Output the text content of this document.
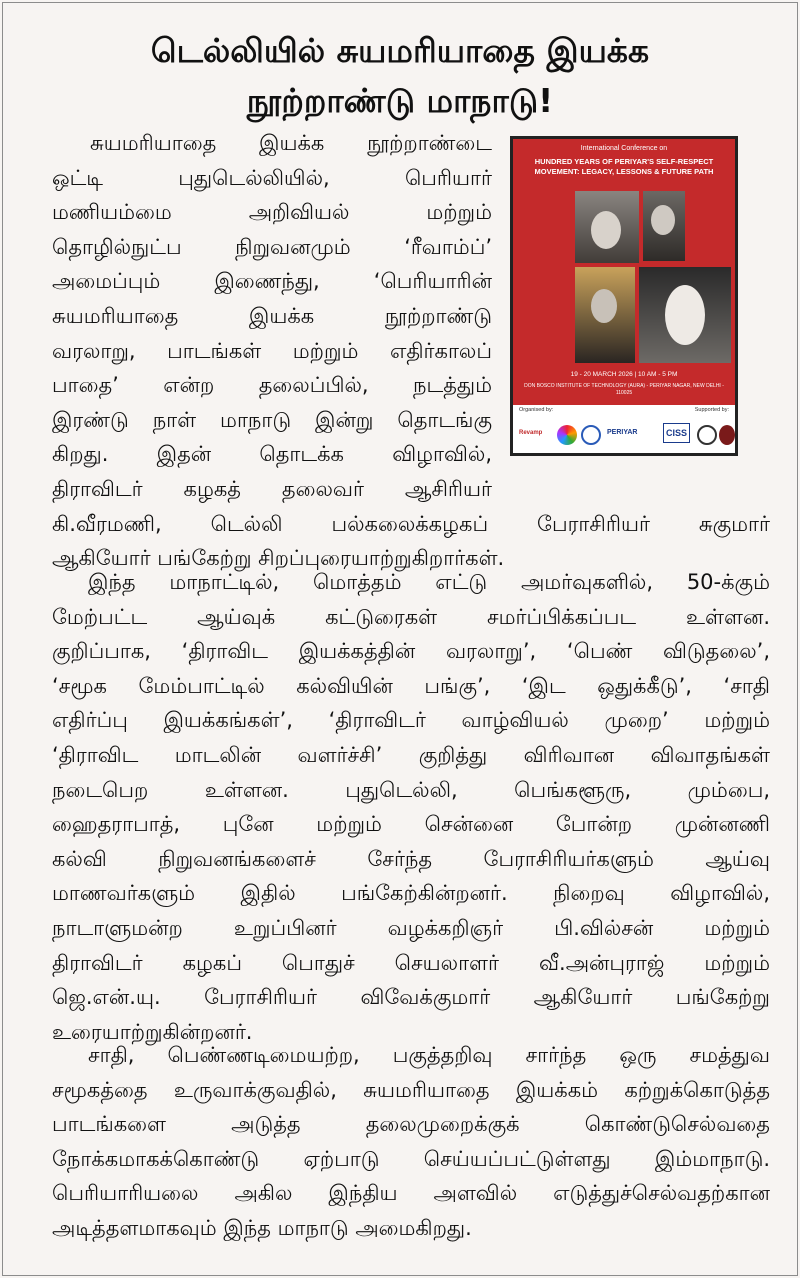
டெல்லியில் சுயமரியாதை இயக்க
நூற்றாண்டு மாநாடு!
சுயமரியாதை இயக்க நூற்றாண்டை
ஒட்டி புதுடெல்லியில், பெரியார்
மணியம்மை அறிவியல் மற்றும்
தொழில்நுட்ப நிறுவனமும் ‘ரீவாம்ப்’
அமைப்பும் இணைந்து, ‘பெரியாரின்
சுயமரியாதை இயக்க நூற்றாண்டு
வரலாறு, பாடங்கள் மற்றும் எதிர்காலப்
பாதை’ என்ற தலைப்பில், நடத்தும்
இரண்டு நாள் மாநாடு இன்று தொடங்கு
கிறது. இதன் தொடக்க விழாவில்,
திராவிடர் கழகத் தலைவர் ஆசிரியர்
கி.வீரமணி, டெல்லி பல்கலைக்கழகப் பேராசிரியர் சுகுமார்
ஆகியோர் பங்கேற்று சிறப்புரையாற்றுகிறார்கள்.
International Conference on
HUNDRED YEARS OF PERIYAR'S SELF-RESPECT MOVEMENT: LEGACY, LESSONS & FUTURE PATH
19 - 20 MARCH 2026 | 10 AM - 5 PM
DON BOSCO INSTITUTE OF TECHNOLOGY (AURA) - PERIYAR NAGAR, NEW DELHI - 110025
Organised by:	Supported by:
Revamp	PERIYAR	CISS
இந்த மாநாட்டில், மொத்தம் எட்டு அமர்வுகளில், 50-க்கும்
மேற்பட்ட ஆய்வுக் கட்டுரைகள் சமர்ப்பிக்கப்பட உள்ளன.
குறிப்பாக, ‘திராவிட இயக்கத்தின் வரலாறு’, ‘பெண் விடுதலை’,
‘சமூக மேம்பாட்டில் கல்வியின் பங்கு’, ‘இட ஒதுக்கீடு’, ‘சாதி
எதிர்ப்பு இயக்கங்கள்’, ‘திராவிடர் வாழ்வியல் முறை’ மற்றும்
‘திராவிட மாடலின் வளர்ச்சி’ குறித்து விரிவான விவாதங்கள்
நடைபெற உள்ளன. புதுடெல்லி, பெங்களூரு, மும்பை,
ஹைதராபாத், புனே மற்றும் சென்னை போன்ற முன்னணி
கல்வி நிறுவனங்களைச் சேர்ந்த பேராசிரியர்களும் ஆய்வு
மாணவர்களும் இதில் பங்கேற்கின்றனர். நிறைவு விழாவில்,
நாடாளுமன்ற உறுப்பினர் வழக்கறிஞர் பி.வில்சன் மற்றும்
திராவிடர் கழகப் பொதுச் செயலாளர் வீ.அன்புராஜ் மற்றும்
ஜெ.என்.யு. பேராசிரியர் விவேக்குமார் ஆகியோர் பங்கேற்று
உரையாற்றுகின்றனர்.
சாதி, பெண்ணடிமையற்ற, பகுத்தறிவு சார்ந்த ஒரு சமத்துவ
சமூகத்தை உருவாக்குவதில், சுயமரியாதை இயக்கம் கற்றுக்கொடுத்த
பாடங்களை அடுத்த தலைமுறைக்குக் கொண்டுசெல்வதை
நோக்கமாகக்கொண்டு ஏற்பாடு செய்யப்பட்டுள்ளது இம்மாநாடு.
பெரியாரியலை அகில இந்திய அளவில் எடுத்துச்செல்வதற்கான
அடித்தளமாகவும் இந்த மாநாடு அமைகிறது.
